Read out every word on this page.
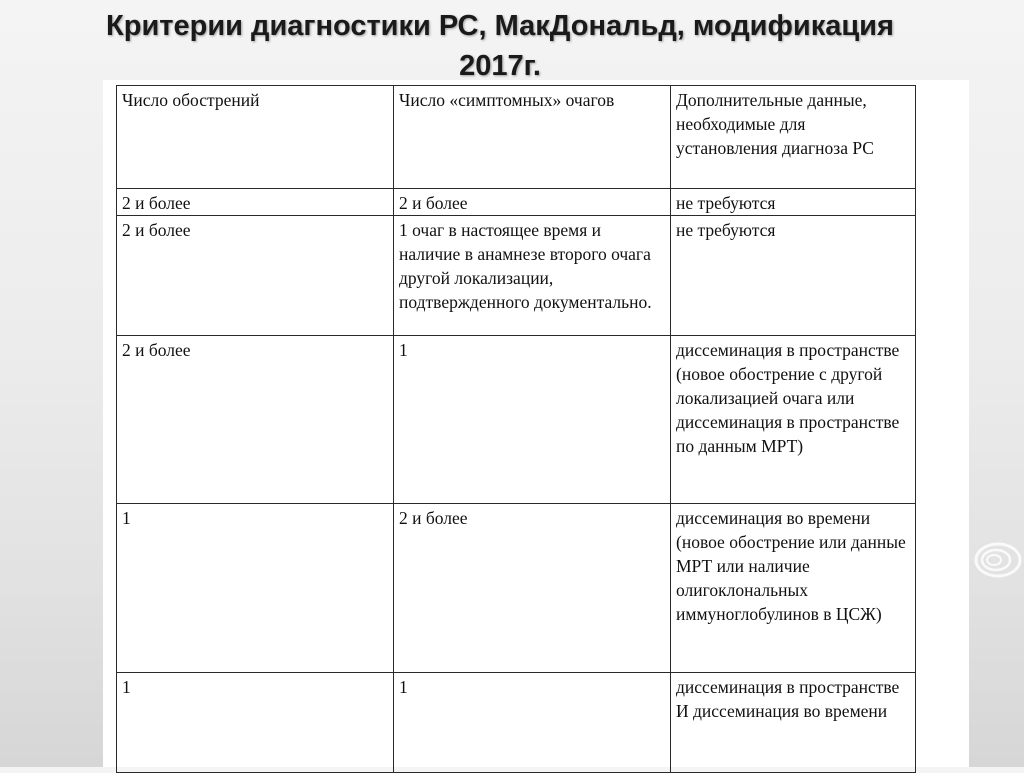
Критерии диагностики РС, МакДональд, модификация
2017г.
Число обострений	Число «симптомных» очагов	Дополнительные данные, необходимые для установления диагноза РС
2 и более	2 и более	не требуются
2 и более	1 очаг в настоящее время и наличие в анамнезе второго очага другой локализации, подтвержденного документально.	не требуются
2 и более	1	диссеминация в пространстве (новое обострение с другой локализацией очага или диссеминация в пространстве по данным МРТ)
1	2 и более	диссеминация во времени (новое обострение или данные МРТ или наличие олигоклональных иммуноглобулинов в ЦСЖ)
1	1	диссеминация в пространстве И диссеминация во времени
